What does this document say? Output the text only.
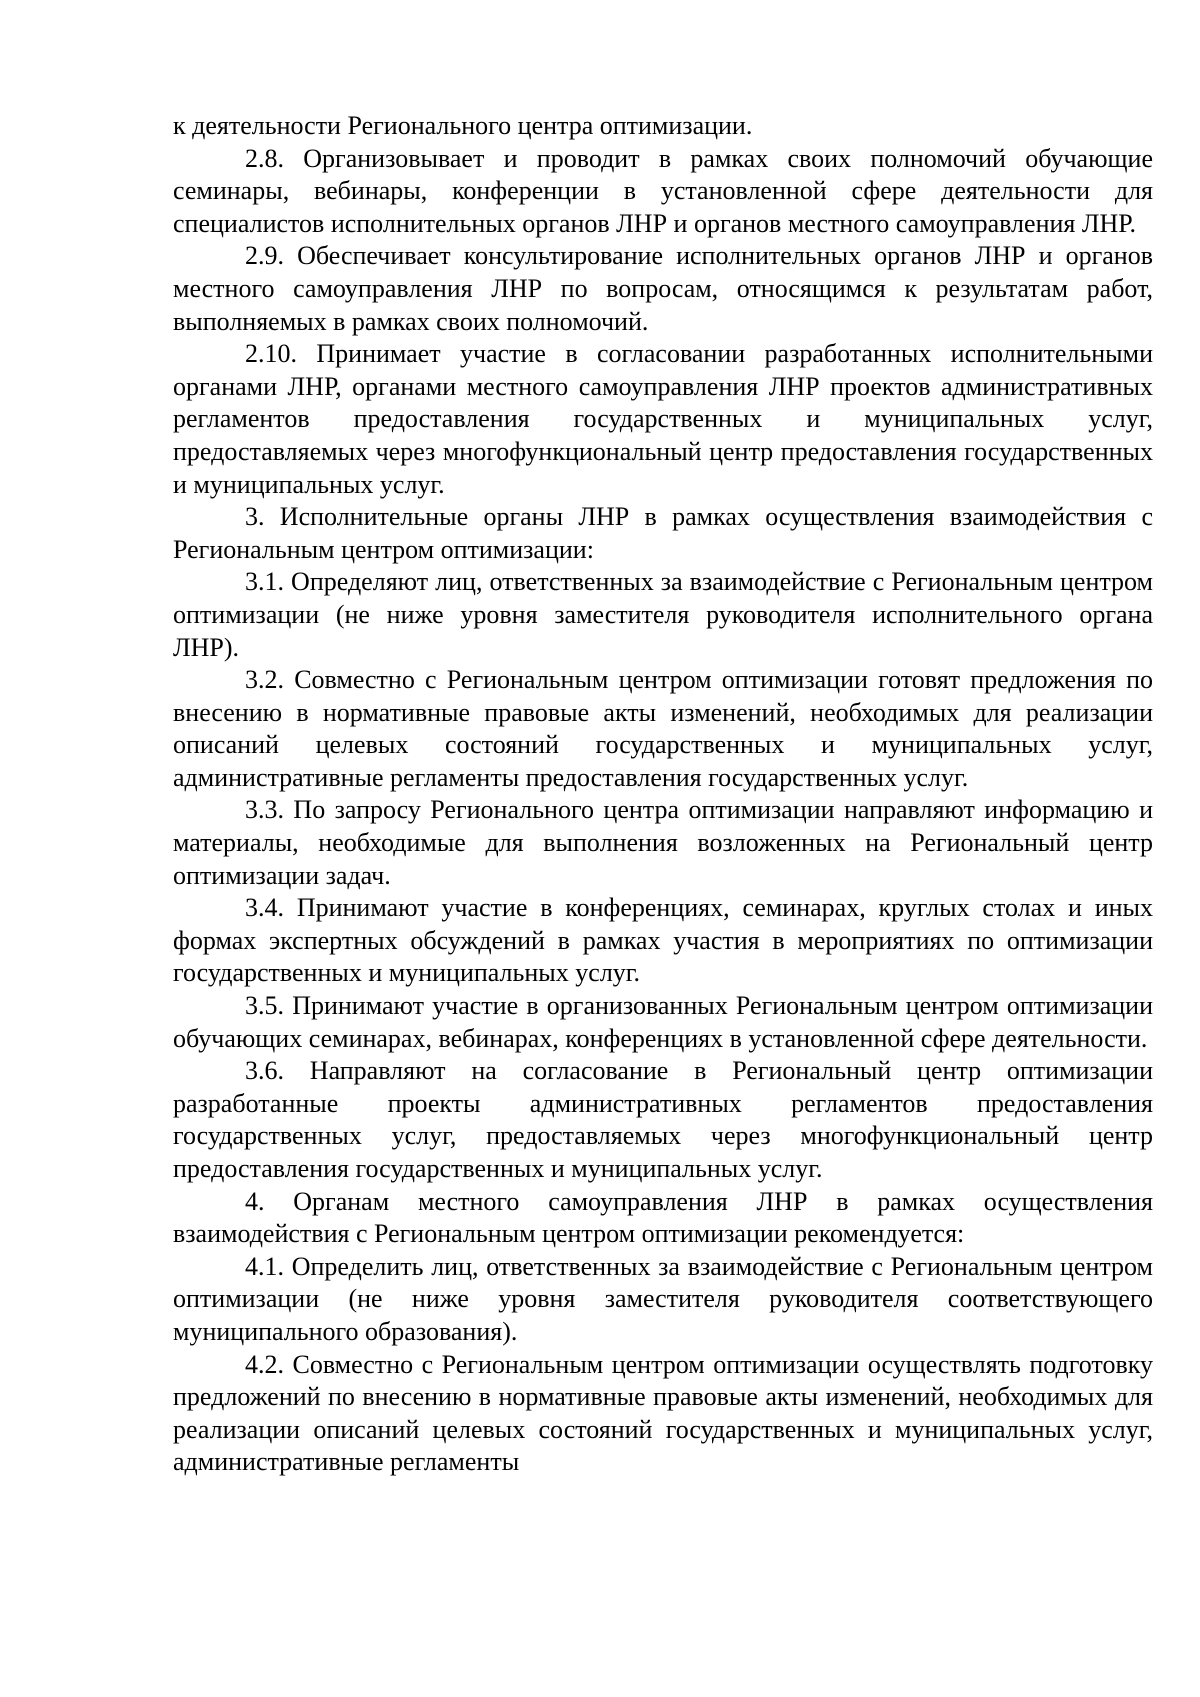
к деятельности Регионального центра оптимизации.

2.8. Организовывает и проводит в рамках своих полномочий обучающие семинары, вебинары, конференции в установленной сфере деятельности для специалистов исполнительных органов ЛНР и органов местного самоуправления ЛНР.

2.9. Обеспечивает консультирование исполнительных органов ЛНР и органов местного самоуправления ЛНР по вопросам, относящимся к результатам работ, выполняемых в рамках своих полномочий.

2.10. Принимает участие в согласовании разработанных исполнительными органами ЛНР, органами местного самоуправления ЛНР проектов административных регламентов предоставления государственных и муниципальных услуг, предоставляемых через многофункциональный центр предоставления государственных и муниципальных услуг.

3. Исполнительные органы ЛНР в рамках осуществления взаимодействия с Региональным центром оптимизации:

3.1. Определяют лиц, ответственных за взаимодействие с Региональным центром оптимизации (не ниже уровня заместителя руководителя исполнительного органа ЛНР).

3.2. Совместно с Региональным центром оптимизации готовят предложения по внесению в нормативные правовые акты изменений, необходимых для реализации описаний целевых состояний государственных и муниципальных услуг, административные регламенты предоставления государственных услуг.

3.3. По запросу Регионального центра оптимизации направляют информацию и материалы, необходимые для выполнения возложенных на Региональный центр оптимизации задач.

3.4. Принимают участие в конференциях, семинарах, круглых столах и иных формах экспертных обсуждений в рамках участия в мероприятиях по оптимизации государственных и муниципальных услуг.

3.5. Принимают участие в организованных Региональным центром оптимизации обучающих семинарах, вебинарах, конференциях в установленной сфере деятельности.

3.6. Направляют на согласование в Региональный центр оптимизации разработанные проекты административных регламентов предоставления государственных услуг, предоставляемых через многофункциональный центр предоставления государственных и муниципальных услуг.

4. Органам местного самоуправления ЛНР в рамках осуществления взаимодействия с Региональным центром оптимизации рекомендуется:

4.1. Определить лиц, ответственных за взаимодействие с Региональным центром оптимизации (не ниже уровня заместителя руководителя соответствующего муниципального образования).

4.2. Совместно с Региональным центром оптимизации осуществлять подготовку предложений по внесению в нормативные правовые акты изменений, необходимых для реализации описаний целевых состояний государственных и муниципальных услуг, административные регламенты
